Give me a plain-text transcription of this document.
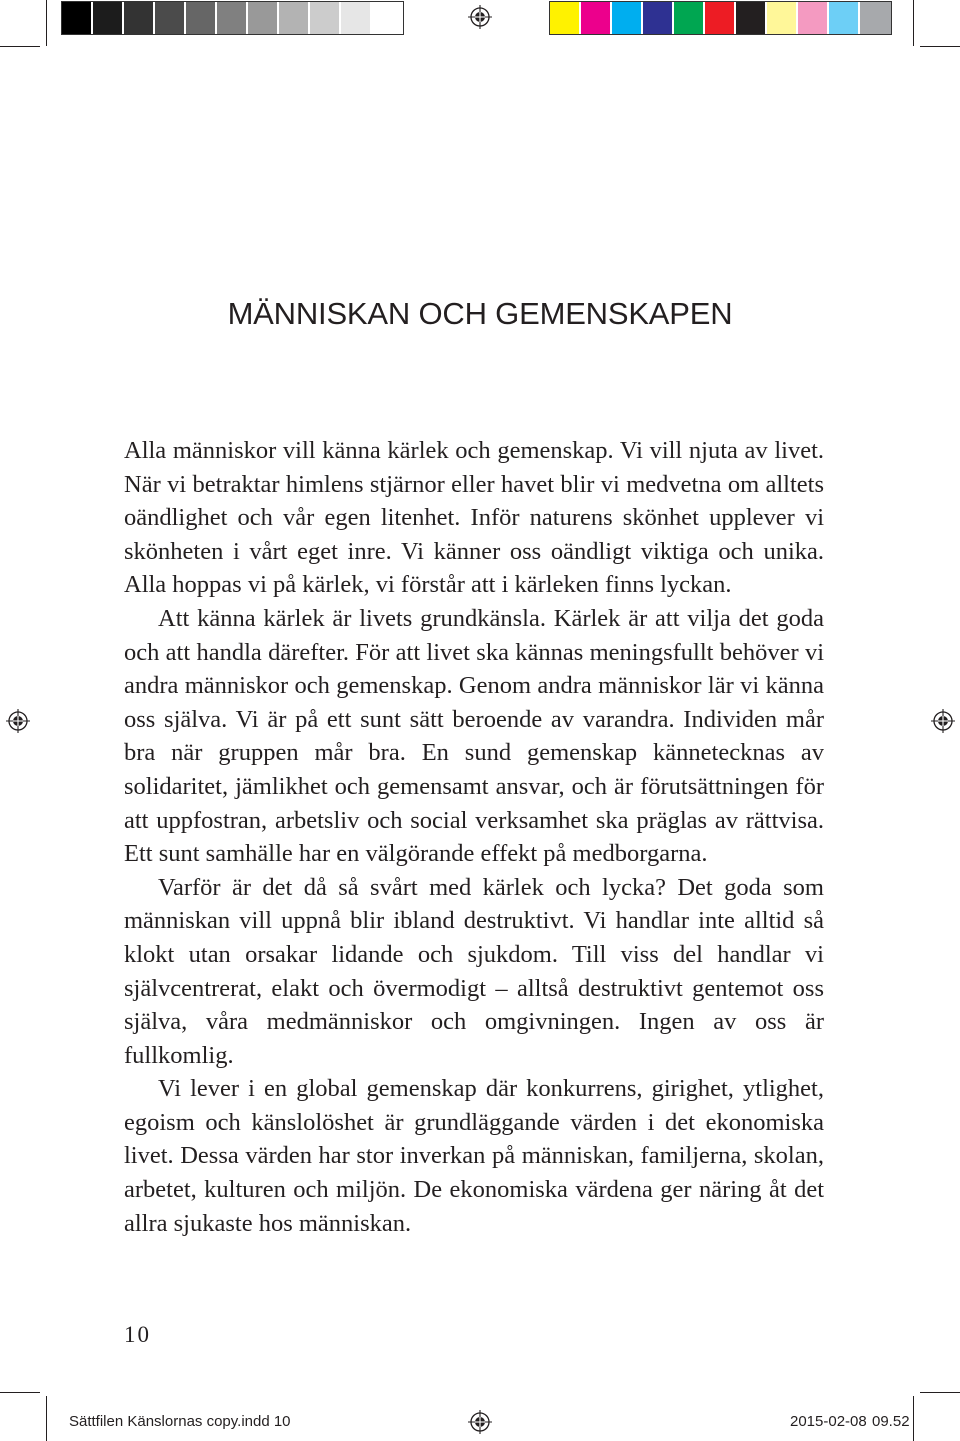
MÄNNISKAN OCH GEMENSKAPEN

Alla människor vill känna kärlek och gemenskap. Vi vill njuta av livet. När vi betraktar himlens stjärnor eller havet blir vi medvetna om alltets oändlighet och vår egen litenhet. Inför naturens skönhet upplever vi skönheten i vårt eget inre. Vi känner oss oändligt viktiga och unika. Alla hoppas vi på kärlek, vi förstår att i kärleken finns lyckan.

Att känna kärlek är livets grundkänsla. Kärlek är att vilja det goda och att handla därefter. För att livet ska kännas meningsfullt behöver vi andra människor och gemenskap. Genom andra människor lär vi känna oss själva. Vi är på ett sunt sätt beroende av varandra. Individen mår bra när gruppen mår bra. En sund gemenskap kännetecknas av solidaritet, jämlikhet och gemensamt ansvar, och är förutsättningen för att uppfostran, arbetsliv och social verksamhet ska präglas av rättvisa. Ett sunt samhälle har en välgörande effekt på medborgarna.

Varför är det då så svårt med kärlek och lycka? Det goda som människan vill uppnå blir ibland destruktivt. Vi handlar inte alltid så klokt utan orsakar lidande och sjukdom. Till viss del handlar vi självcentrerat, elakt och övermodigt – alltså destruktivt gentemot oss själva, våra medmänniskor och omgivningen. Ingen av oss är fullkomlig.

Vi lever i en global gemenskap där konkurrens, girighet, ytlighet, egoism och känslolöshet är grundläggande värden i det ekonomiska livet. Dessa värden har stor inverkan på människan, familjerna, skolan, arbetet, kulturen och miljön. De ekonomiska värdena ger näring åt det allra sjukaste hos människan.

10
Sättfilen Känslornas copy.indd 10	2015-02-08 09.52
